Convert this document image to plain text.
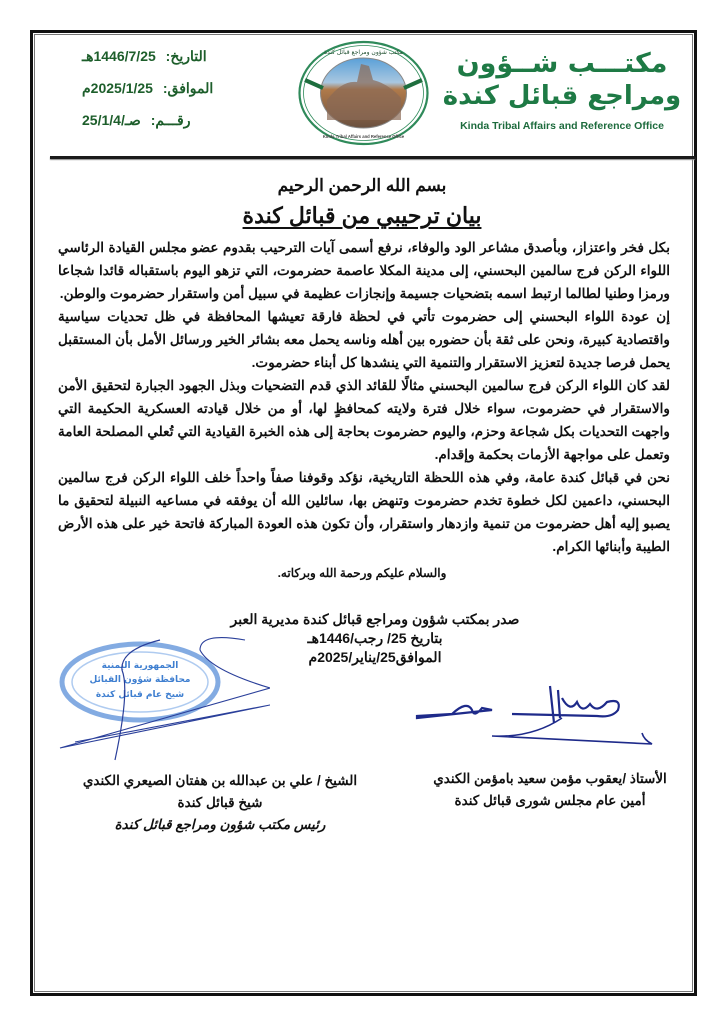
مكتـــب شــؤون
ومراجع قبائل كندة
Kinda Tribal Affairs and Reference Office
مكتب شؤون ومراجع قبائل كندة
Kinda Tribal Affairs and Reference Office
التاريخ: 1446/7/25هـ
الموافق: 2025/1/25م
رقـــم: صـ/25/1/4
بسم الله الرحمن الرحيم
بيان ترحيبي من قبائل كندة

بكل فخر واعتزاز، وبأصدق مشاعر الود والوفاء، نرفع أسمى آيات الترحيب بقدوم عضو مجلس القيادة الرئاسي اللواء الركن فرج سالمين البحسني، إلى مدينة المكلا عاصمة حضرموت، التي تزهو اليوم باستقباله قائدا شجاعا ورمزا وطنيا لطالما ارتبط اسمه بتضحيات جسيمة وإنجازات عظيمة في سبيل أمن واستقرار حضرموت والوطن.

إن عودة اللواء البحسني إلى حضرموت تأتي في لحظة فارقة تعيشها المحافظة في ظل تحديات سياسية واقتصادية كبيرة، ونحن على ثقة بأن حضوره بين أهله وناسه يحمل معه بشائر الخير ورسائل الأمل بأن المستقبل يحمل فرصا جديدة لتعزيز الاستقرار والتنمية التي ينشدها كل أبناء حضرموت.

لقد كان اللواء الركن فرج سالمين البحسني مثالًا للقائد الذي قدم التضحيات وبذل الجهود الجبارة لتحقيق الأمن والاستقرار في حضرموت، سواء خلال فترة ولايته كمحافظٍ لها، أو من خلال قيادته العسكرية الحكيمة التي واجهت التحديات بكل شجاعة وحزم، واليوم حضرموت بحاجة إلى هذه الخبرة القيادية التي تُعلي المصلحة العامة وتعمل على مواجهة الأزمات بحكمة وإقدام.

نحن في قبائل كندة عامة، وفي هذه اللحظة التاريخية، نؤكد وقوفنا صفاً واحداً خلف اللواء الركن فرج سالمين البحسني، داعمين لكل خطوة تخدم حضرموت وتنهض بها، سائلين الله أن يوفقه في مساعيه النبيلة لتحقيق ما يصبو إليه أهل حضرموت من تنمية وازدهار واستقرار، وأن تكون هذه العودة المباركة فاتحة خير على هذه الأرض الطيبة وأبنائها الكرام.

والسلام عليكم ورحمة الله وبركاته.
صدر بمكتب شؤون ومراجع قبائل كندة مديرية العبر
بتاريخ 25/ رجب/1446هـ
الموافق25/يناير/2025م
الجمهورية اليمنية
محافظة شؤون القبائل
شيخ عام قبائل كندة
الأستاذ /يعقوب مؤمن سعيد بامؤمن الكندي
أمين عام مجلس شورى قبائل كندة
الشيخ / علي بن عبدالله بن هفتان الصيعري الكندي
شيخ قبائل كندة
رئيس مكتب شؤون ومراجع قبائل كندة
